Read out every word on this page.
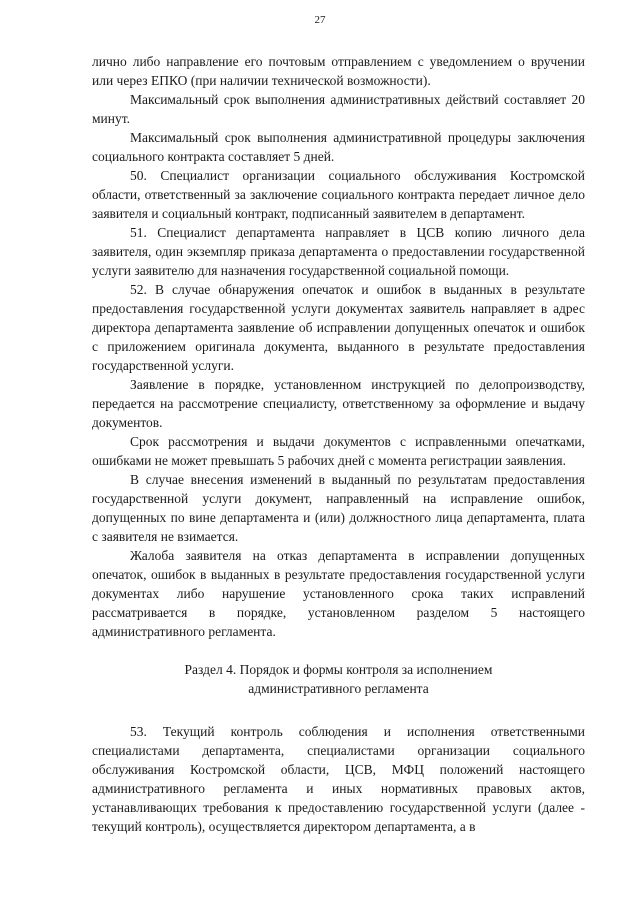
27

лично либо направление его почтовым отправлением с уведомлением о вручении или через ЕПКО (при наличии технической возможности).

Максимальный срок выполнения административных действий составляет 20 минут.

Максимальный срок выполнения административной процедуры заключения социального контракта составляет 5 дней.

50. Специалист организации социального обслуживания Костромской области, ответственный за заключение социального контракта передает личное дело заявителя и социальный контракт, подписанный заявителем в департамент.

51. Специалист департамента направляет в ЦСВ копию личного дела заявителя, один экземпляр приказа департамента о предоставлении государственной услуги заявителю для назначения государственной социальной помощи.

52. В случае обнаружения опечаток и ошибок в выданных в результате предоставления государственной услуги документах заявитель направляет в адрес директора департамента заявление об исправлении допущенных опечаток и ошибок с приложением оригинала документа, выданного в результате предоставления государственной услуги.

Заявление в порядке, установленном инструкцией по делопроизводству, передается на рассмотрение специалисту, ответственному за оформление и выдачу документов.

Срок рассмотрения и выдачи документов с исправленными опечатками, ошибками не может превышать 5 рабочих дней с момента регистрации заявления.

В случае внесения изменений в выданный по результатам предоставления государственной услуги документ, направленный на исправление ошибок, допущенных по вине департамента и (или) должностного лица департамента, плата с заявителя не взимается.

Жалоба заявителя на отказ департамента в исправлении допущенных опечаток, ошибок в выданных в результате предоставления государственной услуги документах либо нарушение установленного срока таких исправлений рассматривается в порядке, установленном разделом 5 настоящего административного регламента.

Раздел 4. Порядок и формы контроля за исполнением
административного регламента

53. Текущий контроль соблюдения и исполнения ответственными специалистами департамента, специалистами организации социального обслуживания Костромской области, ЦСВ, МФЦ положений настоящего административного регламента и иных нормативных правовых актов, устанавливающих требования к предоставлению государственной услуги (далее - текущий контроль), осуществляется директором департамента, а в
